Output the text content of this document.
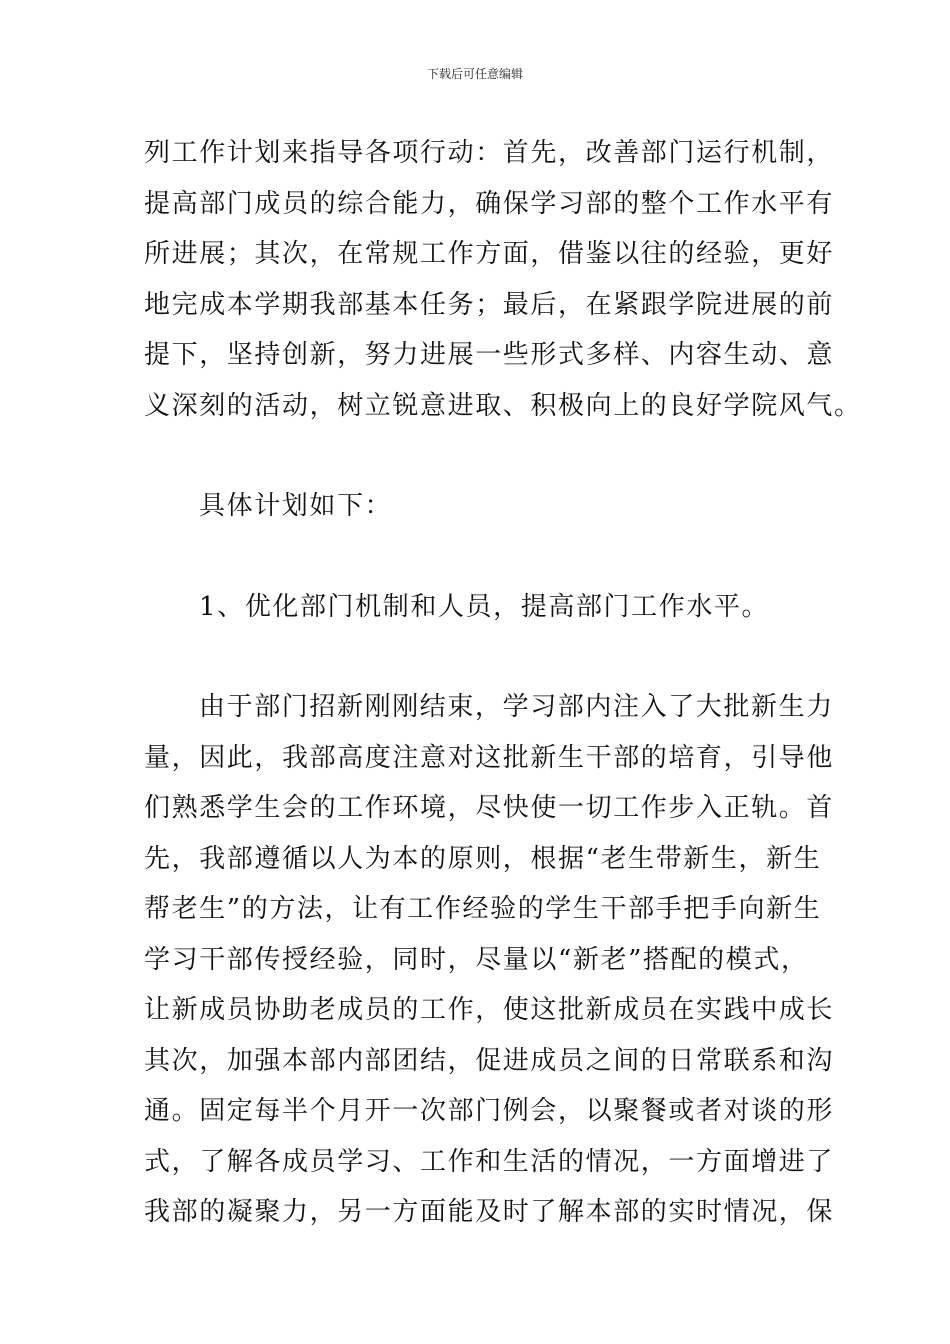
下载后可任意编辑
列工作计划来指导各项行动：首先，改善部门运行机制，
提高部门成员的综合能力，确保学习部的整个工作水平有
所进展；其次，在常规工作方面，借鉴以往的经验，更好
地完成本学期我部基本任务；最后，在紧跟学院进展的前
提下，坚持创新，努力进展一些形式多样、内容生动、意
义深刻的活动，树立锐意进取、积极向上的良好学院风气。
具体计划如下：
1、优化部门机制和人员，提高部门工作水平。
由于部门招新刚刚结束，学习部内注入了大批新生力
量，因此，我部高度注意对这批新生干部的培育，引导他
们熟悉学生会的工作环境，尽快使一切工作步入正轨。首
先，我部遵循以人为本的原则，根据“老生带新生，新生
帮老生”的方法，让有工作经验的学生干部手把手向新生
学习干部传授经验，同时，尽量以“新老”搭配的模式，
让新成员协助老成员的工作，使这批新成员在实践中成长
其次，加强本部内部团结，促进成员之间的日常联系和沟
通。固定每半个月开一次部门例会，以聚餐或者对谈的形
式，了解各成员学习、工作和生活的情况，一方面增进了
我部的凝聚力，另一方面能及时了解本部的实时情况，保
